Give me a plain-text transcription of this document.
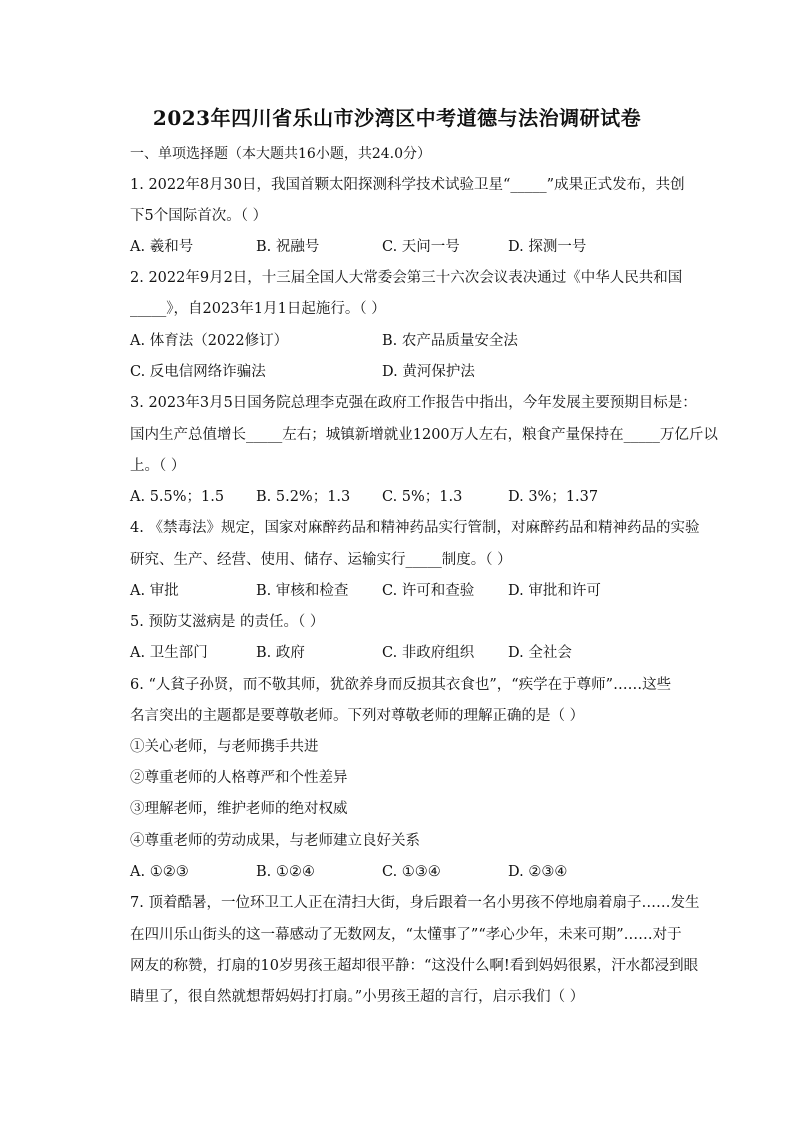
2023年四川省乐山市沙湾区中考道德与法治调研试卷
一、单项选择题（本大题共16小题，共24.0分）
1. 2022年8月30日，我国首颗太阳探测科学技术试验卫星“_____”成果正式发布，共创
下5个国际首次。（ ）
A. 羲和号	B. 祝融号	C. 天问一号	D. 探测一号
2. 2022年9月2日，十三届全国人大常委会第三十六次会议表决通过《中华人民共和国
_____》，自2023年1月1日起施行。（ ）
A. 体育法（2022修订）	B. 农产品质量安全法
C. 反电信网络诈骗法	D. 黄河保护法
3. 2023年3月5日国务院总理李克强在政府工作报告中指出，今年发展主要预期目标是：
国内生产总值增长_____左右；城镇新增就业1200万人左右，粮食产量保持在_____万亿斤以
上。（ ）
A. 5.5%；1.5 B. 5.2%；1.3 C. 5%；1.3	D. 3%；1.37
4. 《禁毒法》规定，国家对麻醉药品和精神药品实行管制，对麻醉药品和精神药品的实验
研究、生产、经营、使用、储存、运输实行_____制度。（ ）
A. 审批	B. 审核和检查 C. 许可和查验 D. 审批和许可
5. 预防艾滋病是 的责任。（ ）
A. 卫生部门	B. 政府	C. 非政府组织 D. 全社会
6. “人貧子孙贤，而不敬其师，犹欲养身而反损其衣食也”，“疾学在于尊师”……这些
名言突出的主题都是要尊敬老师。下列对尊敬老师的理解正确的是（ ）
①关心老师，与老师携手共进
②尊重老师的人格尊严和个性差异
③理解老师，维护老师的绝对权威
④尊重老师的劳动成果，与老师建立良好关系
A. ①②③	B. ①②④	C. ①③④	D. ②③④
7. 顶着酷暑，一位环卫工人正在清扫大街，身后跟着一名小男孩不停地扇着扇子……发生
在四川乐山街头的这一幕感动了无数网友，“太懂事了”“孝心少年，未来可期”……对于
网友的称赞，打扇的10岁男孩王超却很平静：“这没什么啊!看到妈妈很累，汗水都浸到眼
睛里了，很自然就想帮妈妈打打扇。”小男孩王超的言行，启示我们（ ）
